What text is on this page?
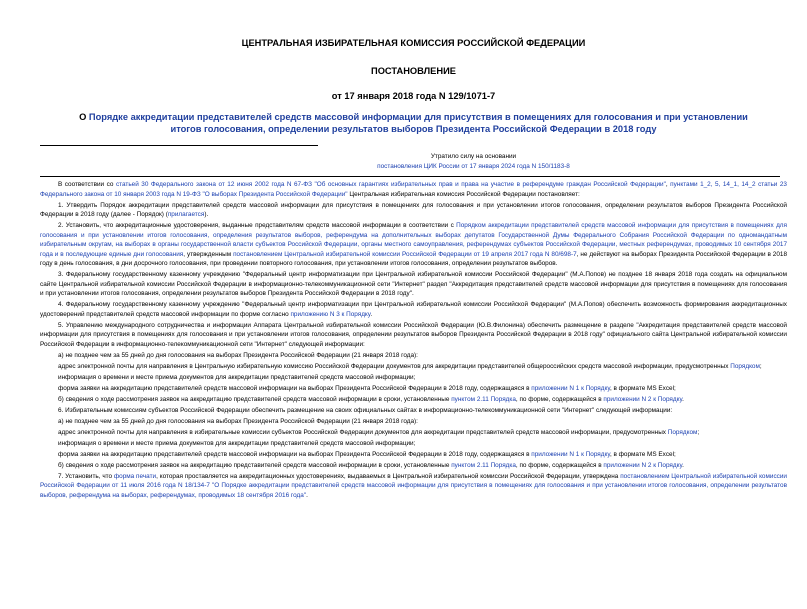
ЦЕНТРАЛЬНАЯ ИЗБИРАТЕЛЬНАЯ КОМИССИЯ РОССИЙСКОЙ ФЕДЕРАЦИИ
ПОСТАНОВЛЕНИЕ
от 17 января 2018 года N 129/1071-7
О Порядке аккредитации представителей средств массовой информации для присутствия в помещениях для голосования и при установлении итогов голосования, определении результатов выборов Президента Российской Федерации в 2018 году
Утратило силу на основании
постановления ЦИК России от 17 января 2024 года N 150/1183-8

В соответствии со статьей 30 Федерального закона от 12 июня 2002 года N 67-ФЗ "Об основных гарантиях избирательных прав и права на участие в референдуме граждан Российской Федерации", пунктами 1_2, 5, 14_1, 14_2 статьи 23 Федерального закона от 10 января 2003 года N 19-ФЗ "О выборах Президента Российской Федерации" Центральная избирательная комиссия Российской Федерации постановляет:

1. Утвердить Порядок аккредитации представителей средств массовой информации для присутствия в помещениях для голосования и при установлении итогов голосования, определении результатов выборов Президента Российской Федерации в 2018 году (далее - Порядок) (прилагается).

2. Установить, что аккредитационные удостоверения, выданные представителям средств массовой информации в соответствии с Порядком аккредитации представителей средств массовой информации для присутствия в помещениях для голосования и при установлении итогов голосования, определения результатов выборов, референдума на дополнительных выборах депутатов Государственной Думы Федерального Собрания Российской Федерации по одномандатным избирательным округам, на выборах в органы государственной власти субъектов Российской Федерации, органы местного самоуправления, референдумах субъектов Российской Федерации, местных референдумах, проводимых 10 сентября 2017 года и в последующие единые дни голосования, утвержденным постановлением Центральной избирательной комиссии Российской Федерации от 19 апреля 2017 года N 80/698-7, не действуют на выборах Президента Российской Федерации в 2018 году в день голосования, в дни досрочного голосования, при проведении повторного голосования, при установлении итогов голосования, определении результатов выборов.

3. Федеральному государственному казенному учреждению "Федеральный центр информатизации при Центральной избирательной комиссии Российской Федерации" (М.А.Попов) не позднее 18 января 2018 года создать на официальном сайте Центральной избирательной комиссии Российской Федерации в информационно-телекоммуникационной сети "Интернет" раздел "Аккредитация представителей средств массовой информации для присутствия в помещениях для голосования и при установлении итогов голосования, определении результатов выборов Президента Российской Федерации в 2018 году".

4. Федеральному государственному казенному учреждению "Федеральный центр информатизации при Центральной избирательной комиссии Российской Федерации" (М.А.Попов) обеспечить возможность формирования аккредитационных удостоверений представителей средств массовой информации по форме согласно приложению N 3 к Порядку.

5. Управлению международного сотрудничества и информации Аппарата Центральной избирательной комиссии Российской Федерации (Ю.В.Филонина) обеспечить размещение в разделе "Аккредитация представителей средств массовой информации для присутствия в помещениях для голосования и при установлении итогов голосования, определении результатов выборов Президента Российской Федерации в 2018 году" официального сайта Центральной избирательной комиссии Российской Федерации в информационно-телекоммуникационной сети "Интернет" следующей информации:

а) не позднее чем за 55 дней до дня голосования на выборах Президента Российской Федерации (21 января 2018 года):

адрес электронной почты для направления в Центральную избирательную комиссию Российской Федерации документов для аккредитации представителей общероссийских средств массовой информации, предусмотренных Порядком;

информация о времени и месте приема документов для аккредитации представителей средств массовой информации;

форма заявки на аккредитацию представителей средств массовой информации на выборах Президента Российской Федерации в 2018 году, содержащаяся в приложении N 1 к Порядку, в формате MS Excel;

б) сведения о ходе рассмотрения заявок на аккредитацию представителей средств массовой информации в сроки, установленные пунктом 2.11 Порядка, по форме, содержащейся в приложении N 2 к Порядку.

6. Избирательным комиссиям субъектов Российской Федерации обеспечить размещение на своих официальных сайтах в информационно-телекоммуникационной сети "Интернет" следующей информации:

а) не позднее чем за 55 дней до дня голосования на выборах Президента Российской Федерации (21 января 2018 года):

адрес электронной почты для направления в избирательные комиссии субъектов Российской Федерации документов для аккредитации представителей средств массовой информации, предусмотренных Порядком;

информация о времени и месте приема документов для аккредитации представителей средств массовой информации;

форма заявки на аккредитацию представителей средств массовой информации на выборах Президента Российской Федерации в 2018 году, содержащаяся в приложении N 1 к Порядку, в формате MS Excel;

б) сведения о ходе рассмотрения заявок на аккредитацию представителей средств массовой информации в сроки, установленные пунктом 2.11 Порядка, по форме, содержащейся в приложении N 2 к Порядку.

7. Установить, что форма печати, которая проставляется на аккредитационных удостоверениях, выдаваемых в Центральной избирательной комиссии Российской Федерации, утверждена постановлением Центральной избирательной комиссии Российской Федерации от 11 июля 2016 года N 18/134-7 "О Порядке аккредитации представителей средств массовой информации для присутствия в помещениях для голосования и при установлении итогов голосования, определении результатов выборов, референдума на выборах, референдумах, проводимых 18 сентября 2016 года".
